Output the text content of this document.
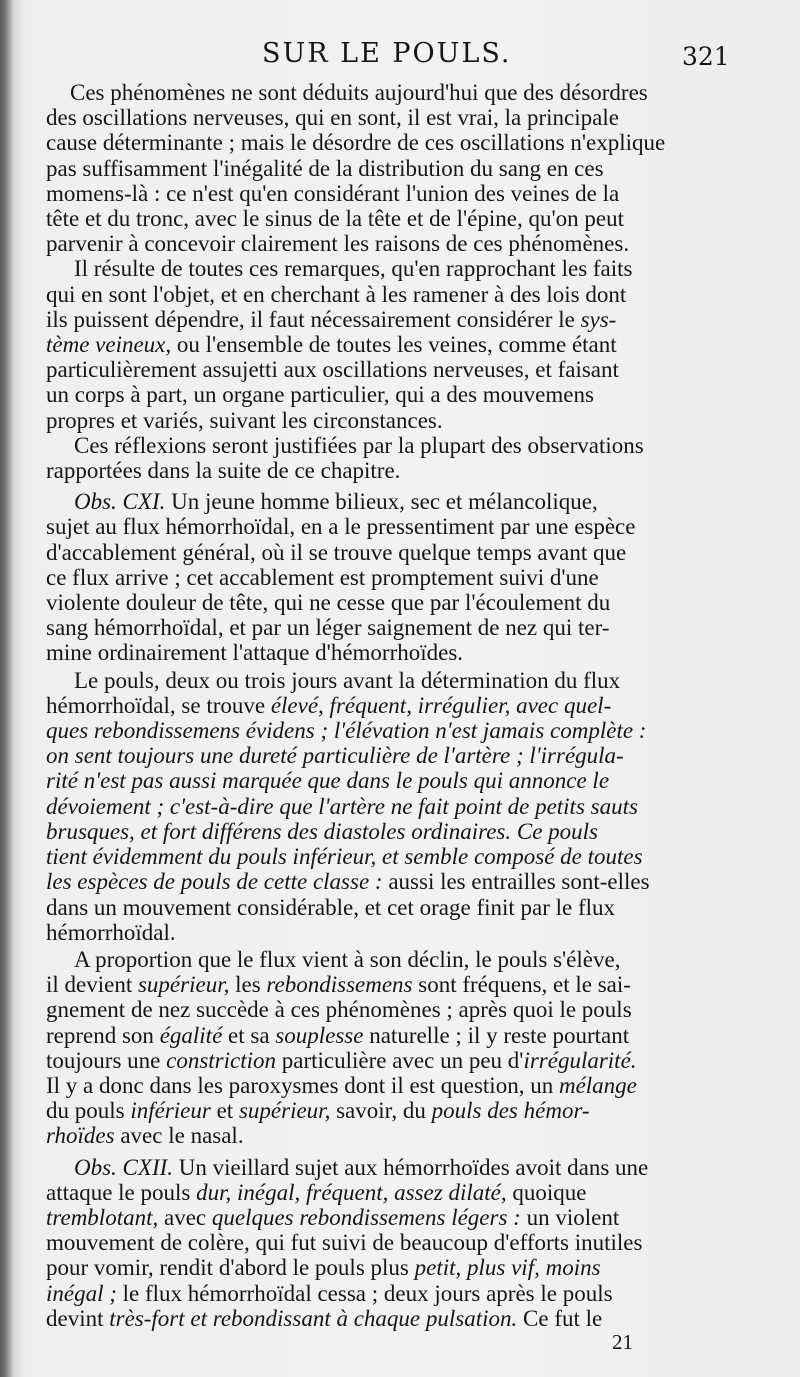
SUR LE POULS.	321
Ces phénomènes ne sont déduits aujourd'hui que des désordres
des oscillations nerveuses, qui en sont, il est vrai, la principale
cause déterminante ; mais le désordre de ces oscillations n'explique
pas suffisamment l'inégalité de la distribution du sang en ces
momens-là : ce n'est qu'en considérant l'union des veines de la
tête et du tronc, avec le sinus de la tête et de l'épine, qu'on peut
parvenir à concevoir clairement les raisons de ces phénomènes.
Il résulte de toutes ces remarques, qu'en rapprochant les faits
qui en sont l'objet, et en cherchant à les ramener à des lois dont
ils puissent dépendre, il faut nécessairement considérer le sys-
tème veineux, ou l'ensemble de toutes les veines, comme étant
particulièrement assujetti aux oscillations nerveuses, et faisant
un corps à part, un organe particulier, qui a des mouvemens
propres et variés, suivant les circonstances.
Ces réflexions seront justifiées par la plupart des observations
rapportées dans la suite de ce chapitre.
Obs. CXI. Un jeune homme bilieux, sec et mélancolique,
sujet au flux hémorrhoïdal, en a le pressentiment par une espèce
d'accablement général, où il se trouve quelque temps avant que
ce flux arrive ; cet accablement est promptement suivi d'une
violente douleur de tête, qui ne cesse que par l'écoulement du
sang hémorrhoïdal, et par un léger saignement de nez qui ter-
mine ordinairement l'attaque d'hémorrhoïdes.
Le pouls, deux ou trois jours avant la détermination du flux
hémorrhoïdal, se trouve élevé, fréquent, irrégulier, avec quel-
ques rebondissemens évidens ; l'élévation n'est jamais complète :
on sent toujours une dureté particulière de l'artère ; l'irrégula-
rité n'est pas aussi marquée que dans le pouls qui annonce le
dévoiement ; c'est-à-dire que l'artère ne fait point de petits sauts
brusques, et fort différens des diastoles ordinaires. Ce pouls
tient évidemment du pouls inférieur, et semble composé de toutes
les espèces de pouls de cette classe : aussi les entrailles sont-elles
dans un mouvement considérable, et cet orage finit par le flux
hémorrhoïdal.
A proportion que le flux vient à son déclin, le pouls s'élève,
il devient supérieur, les rebondissemens sont fréquens, et le sai-
gnement de nez succède à ces phénomènes ; après quoi le pouls
reprend son égalité et sa souplesse naturelle ; il y reste pourtant
toujours une constriction particulière avec un peu d'irrégularité.
Il y a donc dans les paroxysmes dont il est question, un mélange
du pouls inférieur et supérieur, savoir, du pouls des hémor-
rhoïdes avec le nasal.
Obs. CXII. Un vieillard sujet aux hémorrhoïdes avoit dans une
attaque le pouls dur, inégal, fréquent, assez dilaté, quoique
tremblotant, avec quelques rebondissemens légers : un violent
mouvement de colère, qui fut suivi de beaucoup d'efforts inutiles
pour vomir, rendit d'abord le pouls plus petit, plus vif, moins
inégal ; le flux hémorrhoïdal cessa ; deux jours après le pouls
devint très-fort et rebondissant à chaque pulsation. Ce fut le
21
